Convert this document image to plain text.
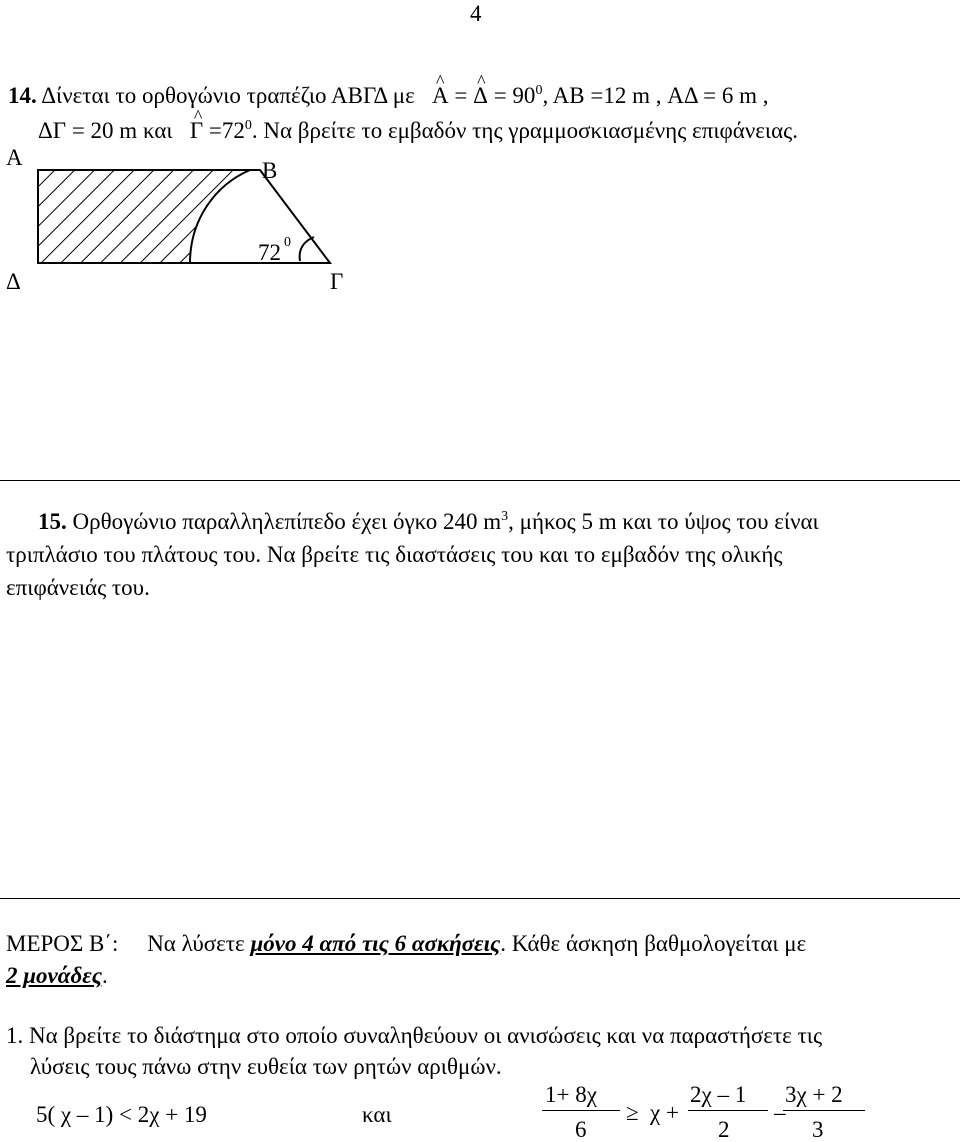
4
14. Δίνεται το ορθογώνιο τραπέζιο ΑΒΓΔ με ^ Α = ^ $\Delta = 90^0$, ΑΒ =12 m , ΑΔ = 6 m ,
ΔΓ = 20 m και ^ $\Gamma =72^0$. Να βρείτε το εμβαδόν της γραμμοσκιασμένης επιφάνειας.
Α
Β
Δ	Γ
72 0
15. Ορθογώνιο παραλληλεπίπεδο έχει όγκο 240 $m^3$, μήκος 5 m και το ύψος του είναι
τριπλάσιο του πλάτους του. Να βρείτε τις διαστάσεις του και το εμβαδόν της ολικής
επιφάνειάς του.
ΜΕΡΟΣ Β΄: Να λύσετε μόνο 4 από τις 6 ασκήσεις. Κάθε άσκηση βαθμολογείται με
2 μονάδες.
1. Να βρείτε το διάστημα στο οποίο συναληθεύουν οι ανισώσεις και να παραστήσετε τις
λύσεις τους πάνω στην ευθεία των ρητών αριθμών.
5( χ – 1) < 2χ + 19	και
1+ 8χ
6
≥ χ +
2χ – 1
2
–
3χ + 2
3
